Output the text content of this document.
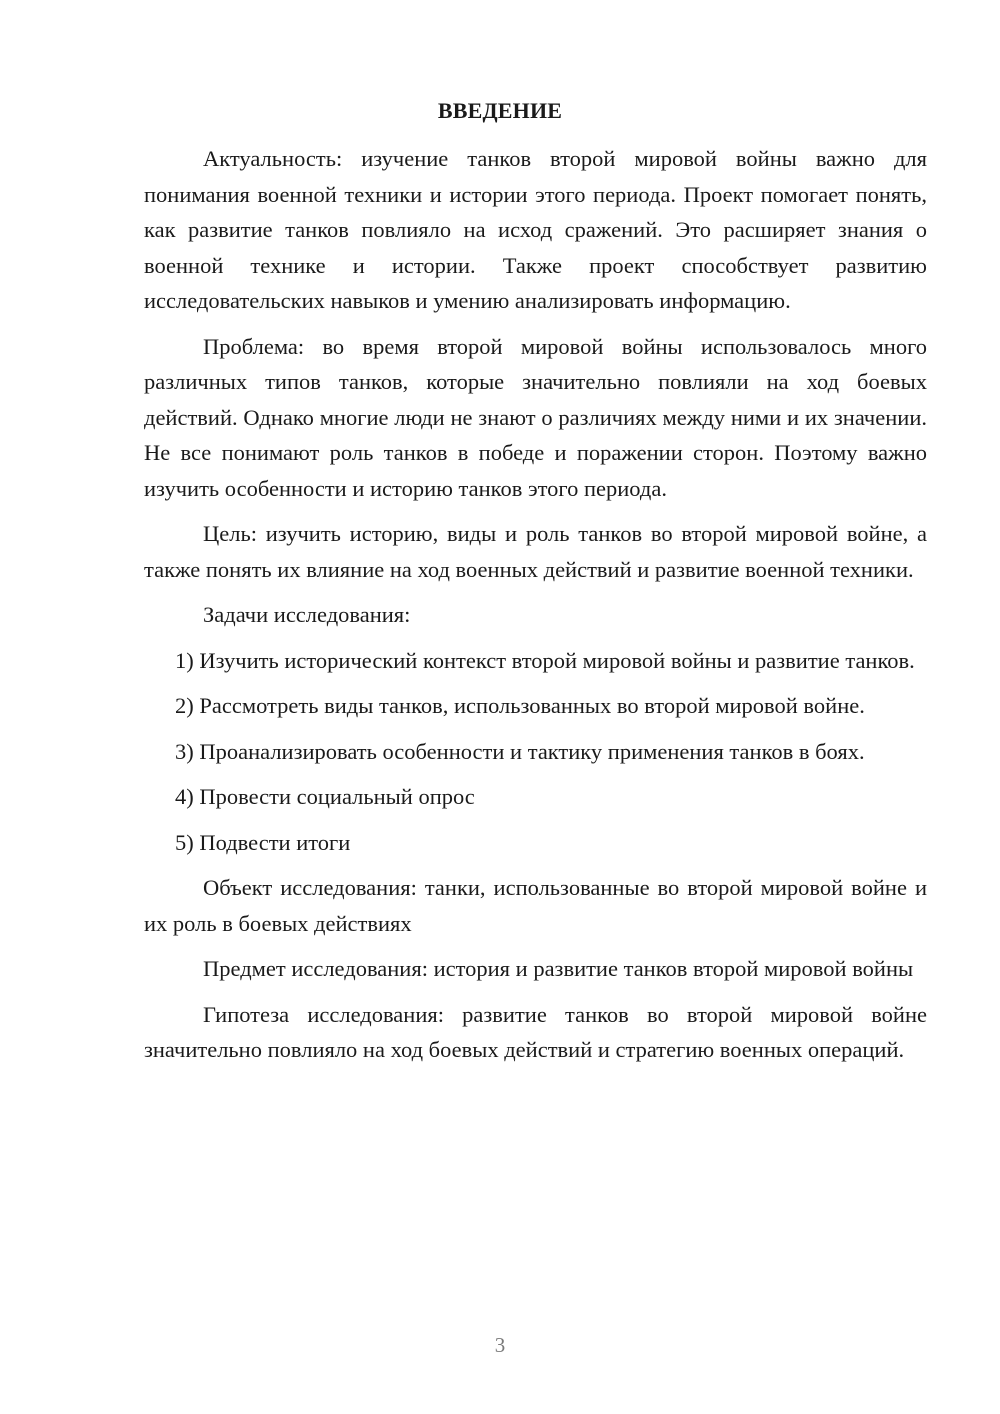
ВВЕДЕНИЕ

Актуальность: изучение танков второй мировой войны важно для понимания военной техники и истории этого периода. Проект помогает понять, как развитие танков повлияло на исход сражений. Это расширяет знания о военной технике и истории. Также проект способствует развитию исследовательских навыков и умению анализировать информацию.

Проблема: во время второй мировой войны использовалось много различных типов танков, которые значительно повлияли на ход боевых действий. Однако многие люди не знают о различиях между ними и их значении. Не все понимают роль танков в победе и поражении сторон. Поэтому важно изучить особенности и историю танков этого периода.

Цель: изучить историю, виды и роль танков во второй мировой войне, а также понять их влияние на ход военных действий и развитие военной техники.

Задачи исследования:

1) Изучить исторический контекст второй мировой войны и развитие танков.

2) Рассмотреть виды танков, использованных во второй мировой войне.

3) Проанализировать особенности и тактику применения танков в боях.

4) Провести социальный опрос

5) Подвести итоги

Объект исследования: танки, использованные во второй мировой войне и их роль в боевых действиях

Предмет исследования: история и развитие танков второй мировой войны

Гипотеза исследования: развитие танков во второй мировой войне значительно повлияло на ход боевых действий и стратегию военных операций.

3
